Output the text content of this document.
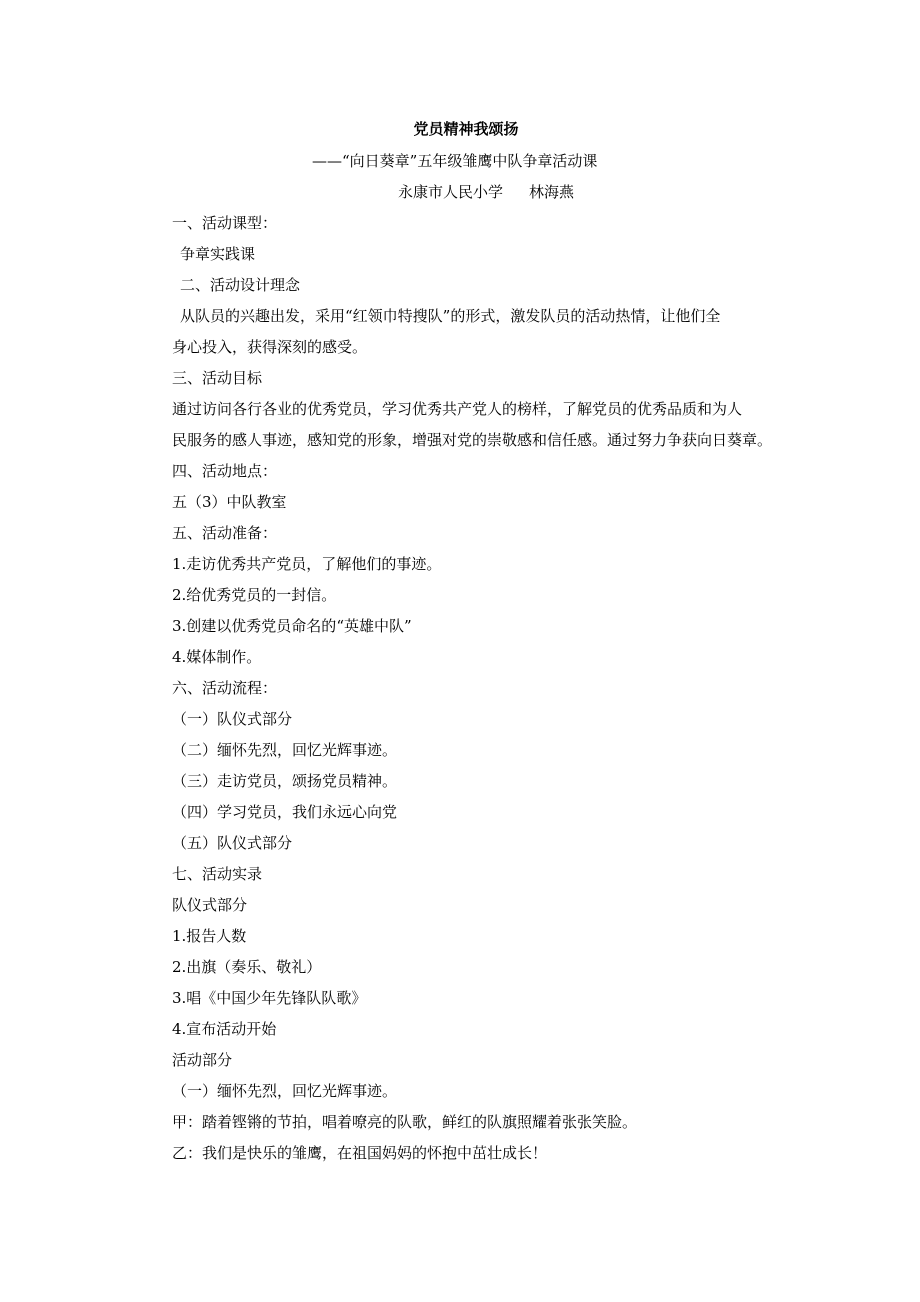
党员精神我颂扬
——“向日葵章”五年级雏鹰中队争章活动课
永康市人民小学 林海燕
一、活动课型：
争章实践课
二、活动设计理念
从队员的兴趣出发，采用“红领巾特搜队”的形式，激发队员的活动热情，让他们全
身心投入，获得深刻的感受。
三、活动目标
通过访问各行各业的优秀党员，学习优秀共产党人的榜样，了解党员的优秀品质和为人
民服务的感人事迹，感知党的形象，增强对党的崇敬感和信任感。通过努力争获向日葵章。
四、活动地点：
五（3）中队教室
五、活动准备：
1.走访优秀共产党员，了解他们的事迹。
2.给优秀党员的一封信。
3.创建以优秀党员命名的“英雄中队”
4.媒体制作。
六、活动流程：
（一）队仪式部分
（二）缅怀先烈，回忆光辉事迹。
（三）走访党员，颂扬党员精神。
（四）学习党员，我们永远心向党
（五）队仪式部分
七、活动实录
队仪式部分
1.报告人数
2.出旗（奏乐、敬礼）
3.唱《中国少年先锋队队歌》
4.宣布活动开始
活动部分
（一）缅怀先烈，回忆光辉事迹。
甲：踏着铿锵的节拍，唱着嘹亮的队歌，鲜红的队旗照耀着张张笑脸。
乙：我们是快乐的雏鹰，在祖国妈妈的怀抱中茁壮成长！
